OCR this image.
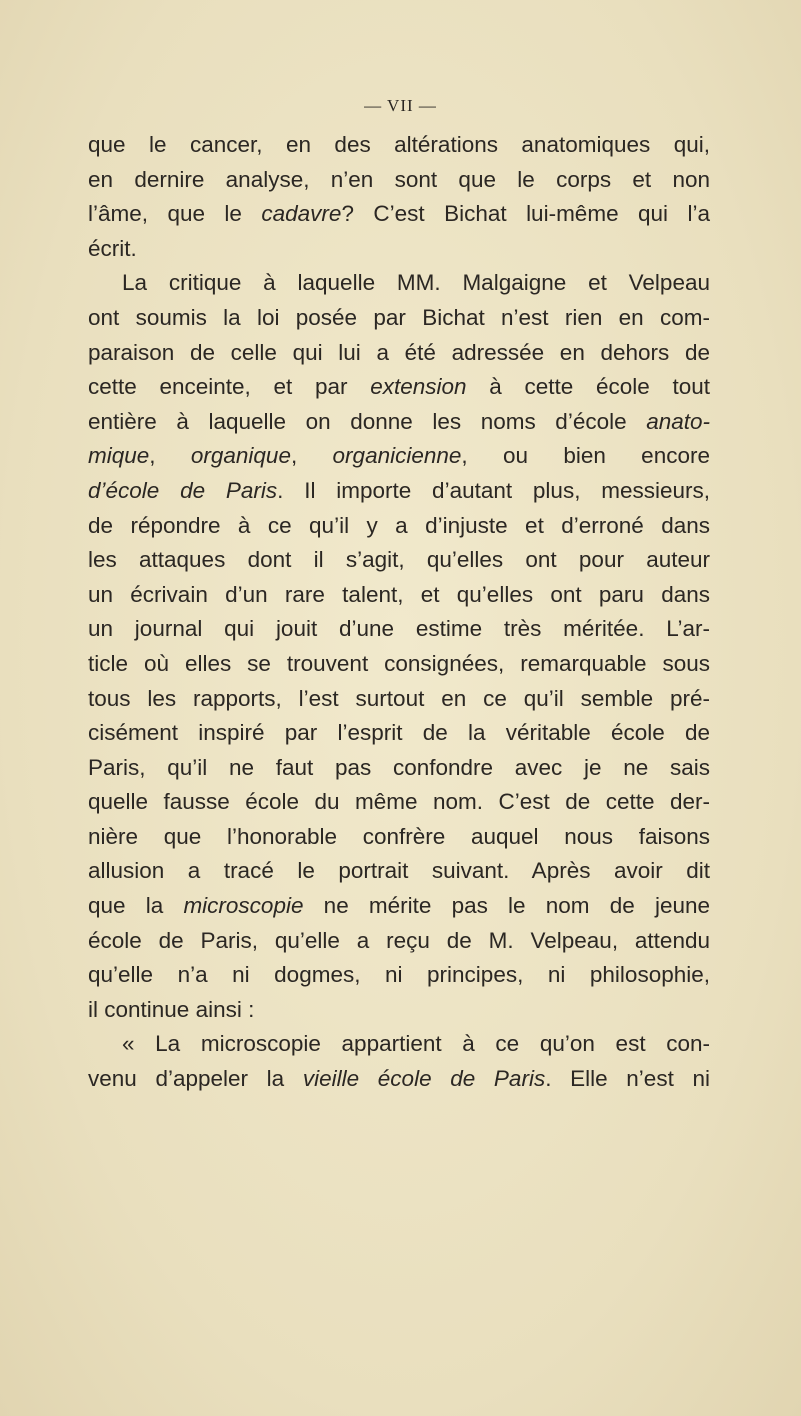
— VII —
que le cancer, en des altérations anatomiques qui,
en dernire analyse, n’en sont que le corps et non
l’âme, que le cadavre? C’est Bichat lui-même qui l’a
écrit.
La critique à laquelle MM. Malgaigne et Velpeau
ont soumis la loi posée par Bichat n’est rien en com-
paraison de celle qui lui a été adressée en dehors de
cette enceinte, et par extension à cette école tout
entière à laquelle on donne les noms d’école anato-
mique, organique, organicienne, ou bien encore
d’école de Paris. Il importe d’autant plus, messieurs,
de répondre à ce qu’il y a d’injuste et d’erroné dans
les attaques dont il s’agit, qu’elles ont pour auteur
un écrivain d’un rare talent, et qu’elles ont paru dans
un journal qui jouit d’une estime très méritée. L’ar-
ticle où elles se trouvent consignées, remarquable sous
tous les rapports, l’est surtout en ce qu’il semble pré-
cisément inspiré par l’esprit de la véritable école de
Paris, qu’il ne faut pas confondre avec je ne sais
quelle fausse école du même nom. C’est de cette der-
nière que l’honorable confrère auquel nous faisons
allusion a tracé le portrait suivant. Après avoir dit
que la microscopie ne mérite pas le nom de jeune
école de Paris, qu’elle a reçu de M. Velpeau, attendu
qu’elle n’a ni dogmes, ni principes, ni philosophie,
il continue ainsi :
« La microscopie appartient à ce qu’on est con-
venu d’appeler la vieille école de Paris. Elle n’est ni
